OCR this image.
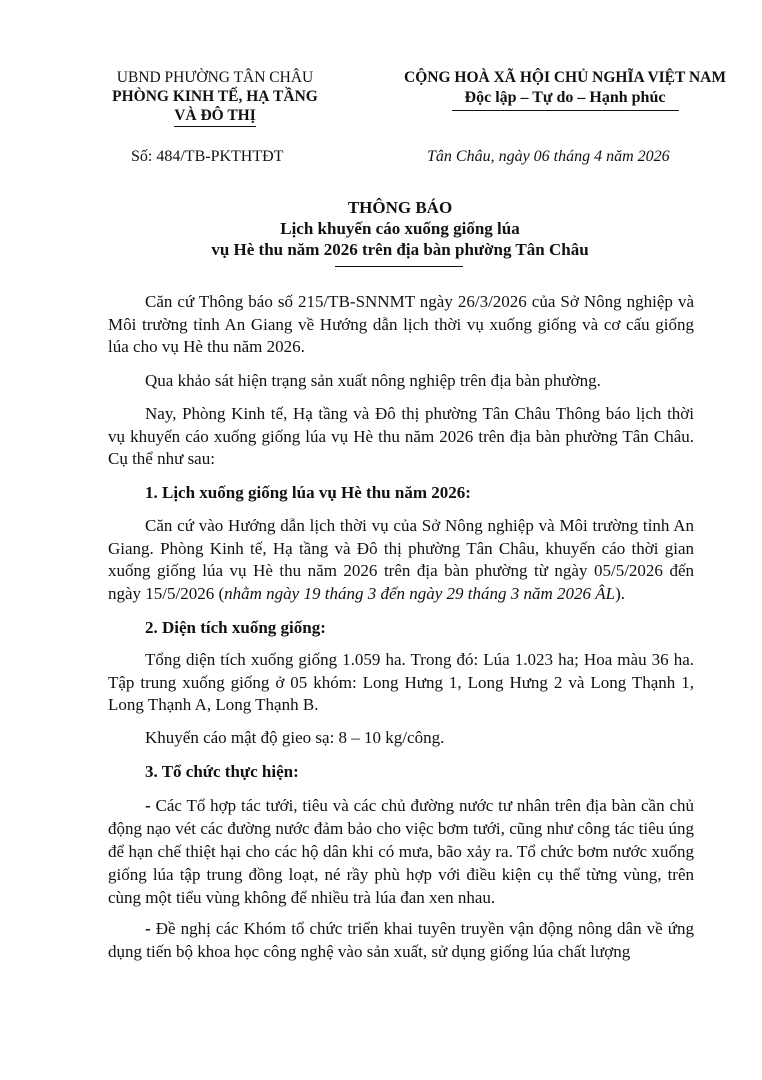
UBND PHƯỜNG TÂN CHÂU
PHÒNG KINH TẾ, HẠ TẦNG
VÀ ĐÔ THỊ
CỘNG HOÀ XÃ HỘI CHỦ NGHĨA VIỆT NAM
Độc lập – Tự do – Hạnh phúc
Số: 484/TB-PKTHTĐT	Tân Châu, ngày 06 tháng 4 năm 2026
THÔNG BÁO
Lịch khuyến cáo xuống giống lúa
vụ Hè thu năm 2026 trên địa bàn phường Tân Châu
Căn cứ Thông báo số 215/TB-SNNMT ngày 26/3/2026 của Sở Nông nghiệp và Môi trường tỉnh An Giang về Hướng dẫn lịch thời vụ xuống giống và cơ cấu giống lúa cho vụ Hè thu năm 2026.
Qua khảo sát hiện trạng sản xuất nông nghiệp trên địa bàn phường.
Nay, Phòng Kinh tế, Hạ tầng và Đô thị phường Tân Châu Thông báo lịch thời vụ khuyến cáo xuống giống lúa vụ Hè thu năm 2026 trên địa bàn phường Tân Châu. Cụ thể như sau:
1. Lịch xuống giống lúa vụ Hè thu năm 2026:
Căn cứ vào Hướng dẫn lịch thời vụ của Sở Nông nghiệp và Môi trường tỉnh An Giang. Phòng Kinh tế, Hạ tầng và Đô thị phường Tân Châu, khuyến cáo thời gian xuống giống lúa vụ Hè thu năm 2026 trên địa bàn phường từ ngày 05/5/2026 đến ngày 15/5/2026 (nhằm ngày 19 tháng 3 đến ngày 29 tháng 3 năm 2026 ÂL).
2. Diện tích xuống giống:
Tổng diện tích xuống giống 1.059 ha. Trong đó: Lúa 1.023 ha; Hoa màu 36 ha. Tập trung xuống giống ở 05 khóm: Long Hưng 1, Long Hưng 2 và Long Thạnh 1, Long Thạnh A, Long Thạnh B.
Khuyến cáo mật độ gieo sạ: 8 – 10 kg/công.
3. Tổ chức thực hiện:
- Các Tổ hợp tác tưới, tiêu và các chủ đường nước tư nhân trên địa bàn cần chủ động nạo vét các đường nước đảm bảo cho việc bơm tưới, cũng như công tác tiêu úng để hạn chế thiệt hại cho các hộ dân khi có mưa, bão xảy ra. Tổ chức bơm nước xuống giống lúa tập trung đồng loạt, né rầy phù hợp với điều kiện cụ thể từng vùng, trên cùng một tiểu vùng không để nhiều trà lúa đan xen nhau.
- Đề nghị các Khóm tổ chức triển khai tuyên truyền vận động nông dân về ứng dụng tiến bộ khoa học công nghệ vào sản xuất, sử dụng giống lúa chất lượng
